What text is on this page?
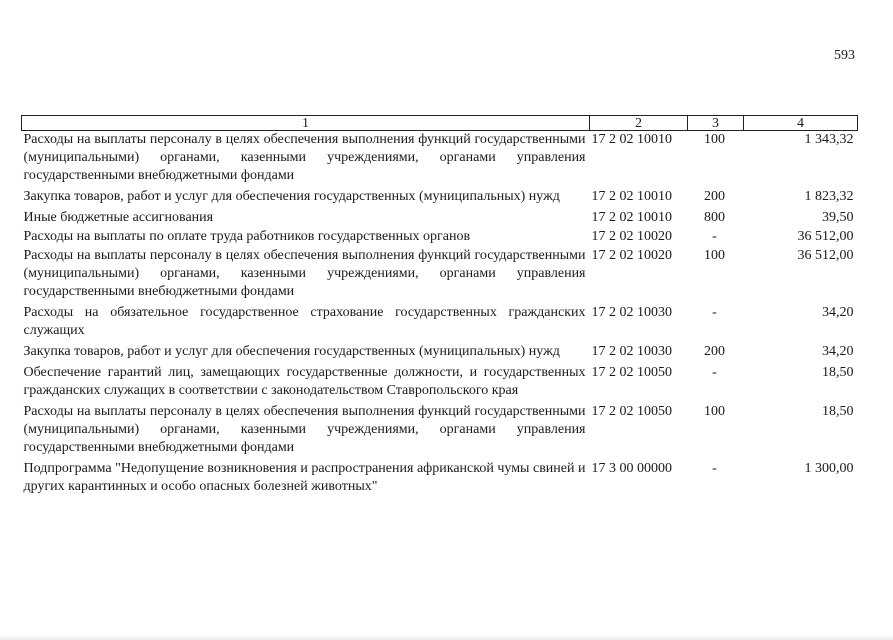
593
1	2	3	4
Расходы на выплаты персоналу в целях обеспечения выполнения функций государственными (муниципальными) органами, казенными учреждениями, органами управления государственными внебюджетными фондами	17 2 02 10010	100	1 343,32
Закупка товаров, работ и услуг для обеспечения государственных (муниципальных) нужд	17 2 02 10010	200	1 823,32
Иные бюджетные ассигнования	17 2 02 10010	800	39,50
Расходы на выплаты по оплате труда работников государственных органов	17 2 02 10020	-	36 512,00
Расходы на выплаты персоналу в целях обеспечения выполнения функций государственными (муниципальными) органами, казенными учреждениями, органами управления государственными внебюджетными фондами	17 2 02 10020	100	36 512,00
Расходы на обязательное государственное страхование государственных гражданских служащих	17 2 02 10030	-	34,20
Закупка товаров, работ и услуг для обеспечения государственных (муниципальных) нужд	17 2 02 10030	200	34,20
Обеспечение гарантий лиц, замещающих государственные должности, и государственных гражданских служащих в соответствии с законодательством Ставропольского края	17 2 02 10050	-	18,50
Расходы на выплаты персоналу в целях обеспечения выполнения функций государственными (муниципальными) органами, казенными учреждениями, органами управления государственными внебюджетными фондами	17 2 02 10050	100	18,50
Подпрограмма "Недопущение возникновения и распространения африканской чумы свиней и других карантинных и особо опасных болезней животных"	17 3 00 00000	-	1 300,00
